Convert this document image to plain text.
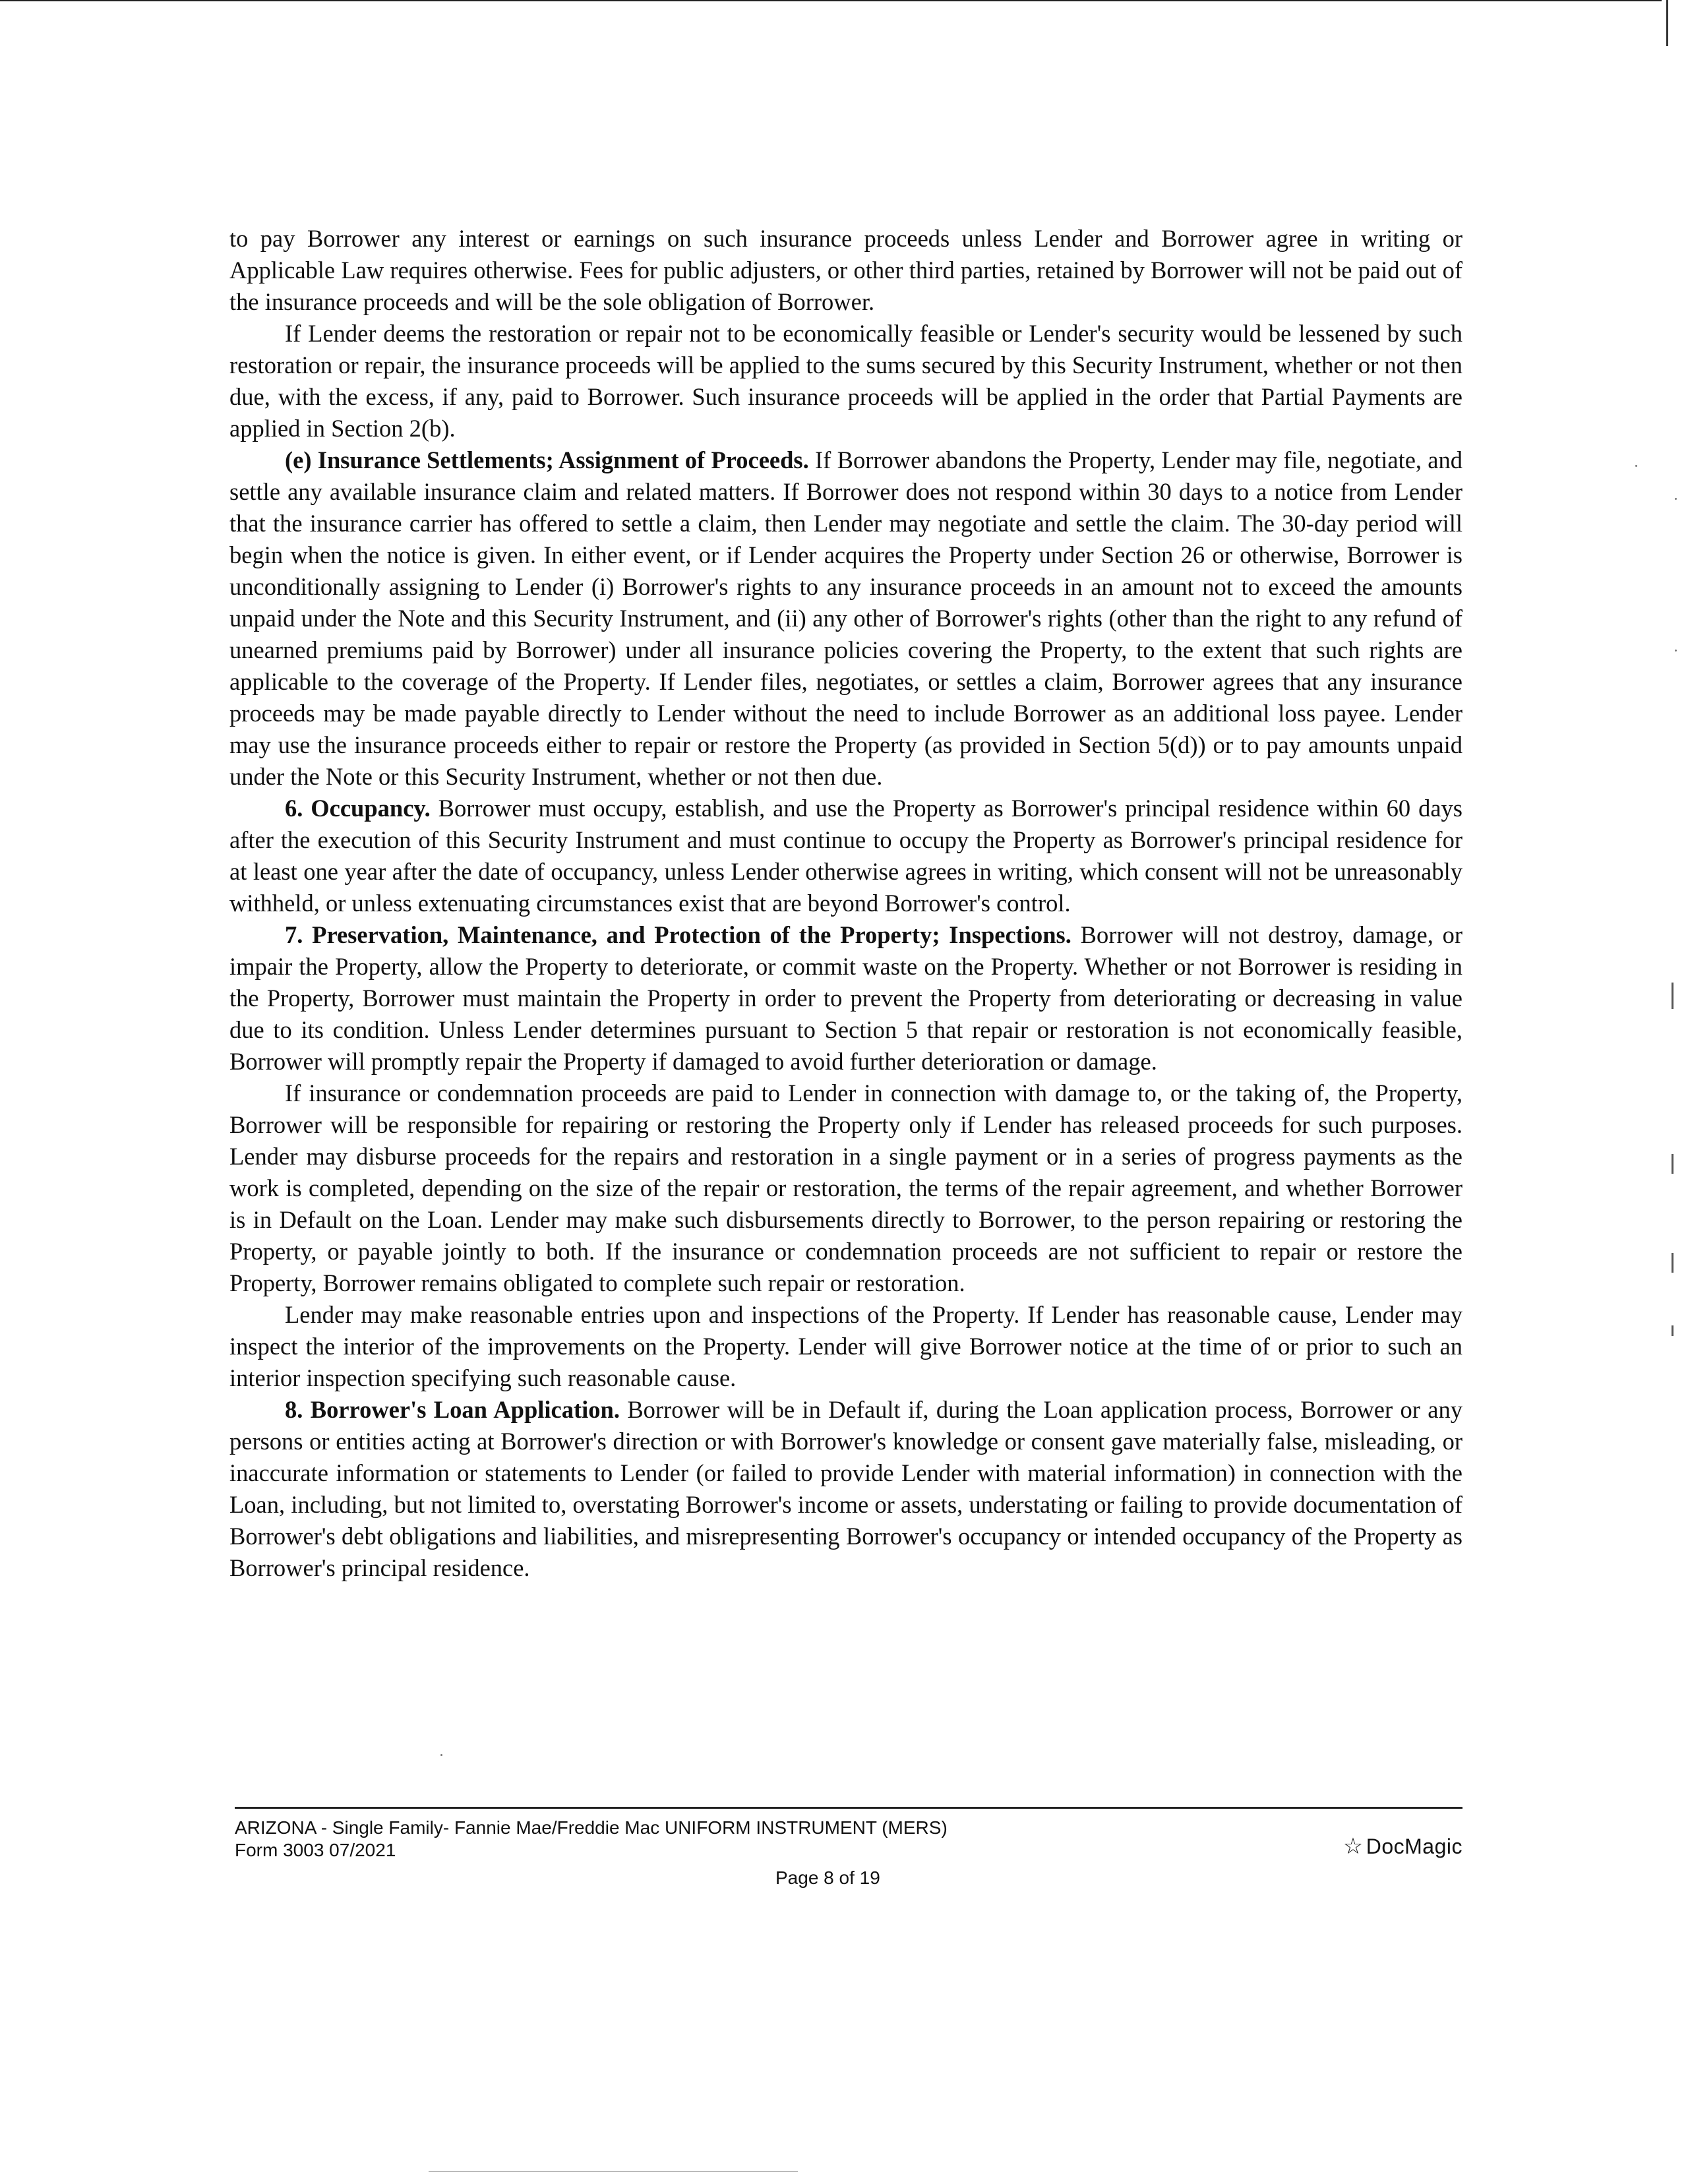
to pay Borrower any interest or earnings on such insurance proceeds unless Lender and Borrower agree in writing or Applicable Law requires otherwise. Fees for public adjusters, or other third parties, retained by Borrower will not be paid out of the insurance proceeds and will be the sole obligation of Borrower.

If Lender deems the restoration or repair not to be economically feasible or Lender's security would be lessened by such restoration or repair, the insurance proceeds will be applied to the sums secured by this Security Instrument, whether or not then due, with the excess, if any, paid to Borrower. Such insurance proceeds will be applied in the order that Partial Payments are applied in Section 2(b).

(e) Insurance Settlements; Assignment of Proceeds. If Borrower abandons the Property, Lender may file, negotiate, and settle any available insurance claim and related matters. If Borrower does not respond within 30 days to a notice from Lender that the insurance carrier has offered to settle a claim, then Lender may negotiate and settle the claim. The 30-day period will begin when the notice is given. In either event, or if Lender acquires the Property under Section 26 or otherwise, Borrower is unconditionally assigning to Lender (i) Borrower's rights to any insurance proceeds in an amount not to exceed the amounts unpaid under the Note and this Security Instrument, and (ii) any other of Borrower's rights (other than the right to any refund of unearned premiums paid by Borrower) under all insurance policies covering the Property, to the extent that such rights are applicable to the coverage of the Property. If Lender files, negotiates, or settles a claim, Borrower agrees that any insurance proceeds may be made payable directly to Lender without the need to include Borrower as an additional loss payee. Lender may use the insurance proceeds either to repair or restore the Property (as provided in Section 5(d)) or to pay amounts unpaid under the Note or this Security Instrument, whether or not then due.

6. Occupancy. Borrower must occupy, establish, and use the Property as Borrower's principal residence within 60 days after the execution of this Security Instrument and must continue to occupy the Property as Borrower's principal residence for at least one year after the date of occupancy, unless Lender otherwise agrees in writing, which consent will not be unreasonably withheld, or unless extenuating circumstances exist that are beyond Borrower's control.

7. Preservation, Maintenance, and Protection of the Property; Inspections. Borrower will not destroy, damage, or impair the Property, allow the Property to deteriorate, or commit waste on the Property. Whether or not Borrower is residing in the Property, Borrower must maintain the Property in order to prevent the Property from deteriorating or decreasing in value due to its condition. Unless Lender determines pursuant to Section 5 that repair or restoration is not economically feasible, Borrower will promptly repair the Property if damaged to avoid further deterioration or damage.

If insurance or condemnation proceeds are paid to Lender in connection with damage to, or the taking of, the Property, Borrower will be responsible for repairing or restoring the Property only if Lender has released proceeds for such purposes. Lender may disburse proceeds for the repairs and restoration in a single payment or in a series of progress payments as the work is completed, depending on the size of the repair or restoration, the terms of the repair agreement, and whether Borrower is in Default on the Loan. Lender may make such disbursements directly to Borrower, to the person repairing or restoring the Property, or payable jointly to both. If the insurance or condemnation proceeds are not sufficient to repair or restore the Property, Borrower remains obligated to complete such repair or restoration.

Lender may make reasonable entries upon and inspections of the Property. If Lender has reasonable cause, Lender may inspect the interior of the improvements on the Property. Lender will give Borrower notice at the time of or prior to such an interior inspection specifying such reasonable cause.

8. Borrower's Loan Application. Borrower will be in Default if, during the Loan application process, Borrower or any persons or entities acting at Borrower's direction or with Borrower's knowledge or consent gave materially false, misleading, or inaccurate information or statements to Lender (or failed to provide Lender with material information) in connection with the Loan, including, but not limited to, overstating Borrower's income or assets, understating or failing to provide documentation of Borrower's debt obligations and liabilities, and misrepresenting Borrower's occupancy or intended occupancy of the Property as Borrower's principal residence.

ARIZONA - Single Family- Fannie Mae/Freddie Mac UNIFORM INSTRUMENT (MERS)
Form 3003 07/2021
Page 8 of 19
☆ DocMagic
